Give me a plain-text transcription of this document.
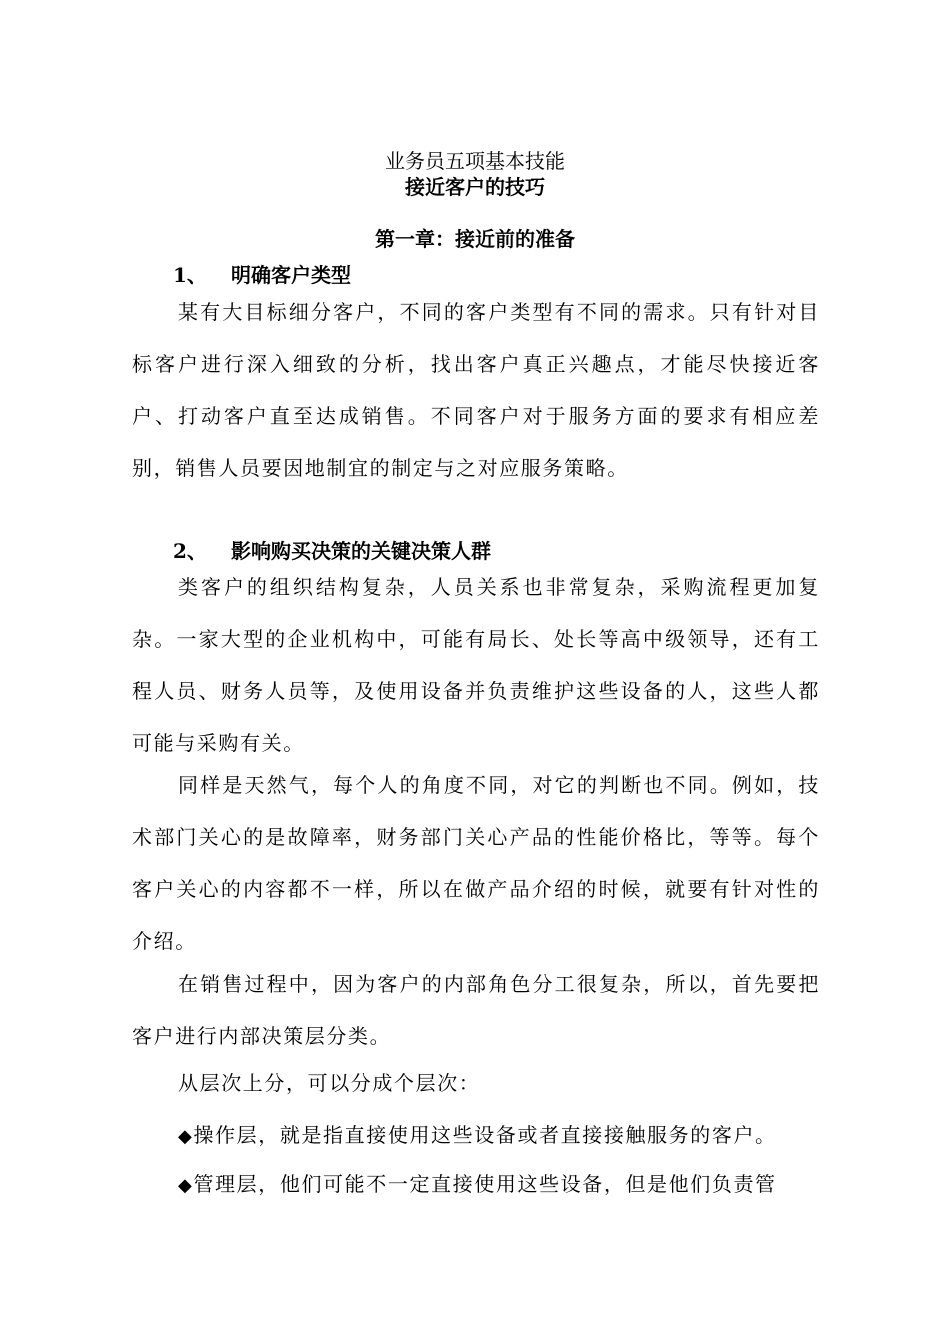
业务员五项基本技能
接近客户的技巧
第一章：接近前的准备
1、 明确客户类型

某有大目标细分客户，不同的客户类型有不同的需求。只有针对目标客户进行深入细致的分析，找出客户真正兴趣点，才能尽快接近客户、打动客户直至达成销售。不同客户对于服务方面的要求有相应差别，销售人员要因地制宜的制定与之对应服务策略。

2、 影响购买决策的关键决策人群

类客户的组织结构复杂，人员关系也非常复杂，采购流程更加复杂。一家大型的企业机构中，可能有局长、处长等高中级领导，还有工程人员、财务人员等，及使用设备并负责维护这些设备的人，这些人都可能与采购有关。

同样是天然气，每个人的角度不同，对它的判断也不同。例如，技术部门关心的是故障率，财务部门关心产品的性能价格比，等等。每个客户关心的内容都不一样，所以在做产品介绍的时候，就要有针对性的介绍。

在销售过程中，因为客户的内部角色分工很复杂，所以，首先要把客户进行内部决策层分类。

从层次上分，可以分成个层次：

◆操作层，就是指直接使用这些设备或者直接接触服务的客户。

◆管理层，他们可能不一定直接使用这些设备，但是他们负责管
